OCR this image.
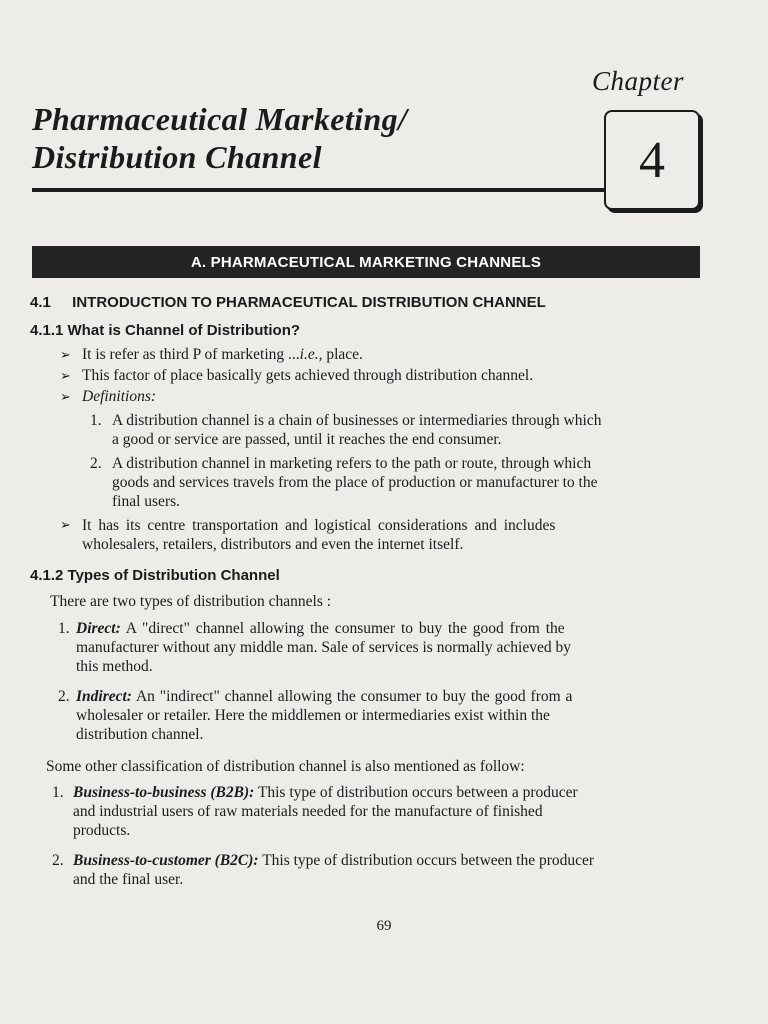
Chapter
4
Pharmaceutical Marketing/
Distribution Channel
A. PHARMACEUTICAL MARKETING CHANNELS
4.1 INTRODUCTION TO PHARMACEUTICAL DISTRIBUTION CHANNEL
4.1.1 What is Channel of Distribution?
➢ It is refer as third P of marketing ...i.e., place.
➢ This factor of place basically gets achieved through distribution channel.
➢ Definitions:
1. A distribution channel is a chain of businesses or intermediaries through which
a good or service are passed, until it reaches the end consumer.
2. A distribution channel in marketing refers to the path or route, through which
goods and services travels from the place of production or manufacturer to the
final users.
➢ It has its centre transportation and logistical considerations and includes
wholesalers, retailers, distributors and even the internet itself.
4.1.2 Types of Distribution Channel
There are two types of distribution channels :
1. Direct: A "direct" channel allowing the consumer to buy the good from the
manufacturer without any middle man. Sale of services is normally achieved by
this method.
2. Indirect: An "indirect" channel allowing the consumer to buy the good from a
wholesaler or retailer. Here the middlemen or intermediaries exist within the
distribution channel.
Some other classification of distribution channel is also mentioned as follow:
1. Business-to-business (B2B): This type of distribution occurs between a producer
and industrial users of raw materials needed for the manufacture of finished
products.
2. Business-to-customer (B2C): This type of distribution occurs between the producer
and the final user.
69
